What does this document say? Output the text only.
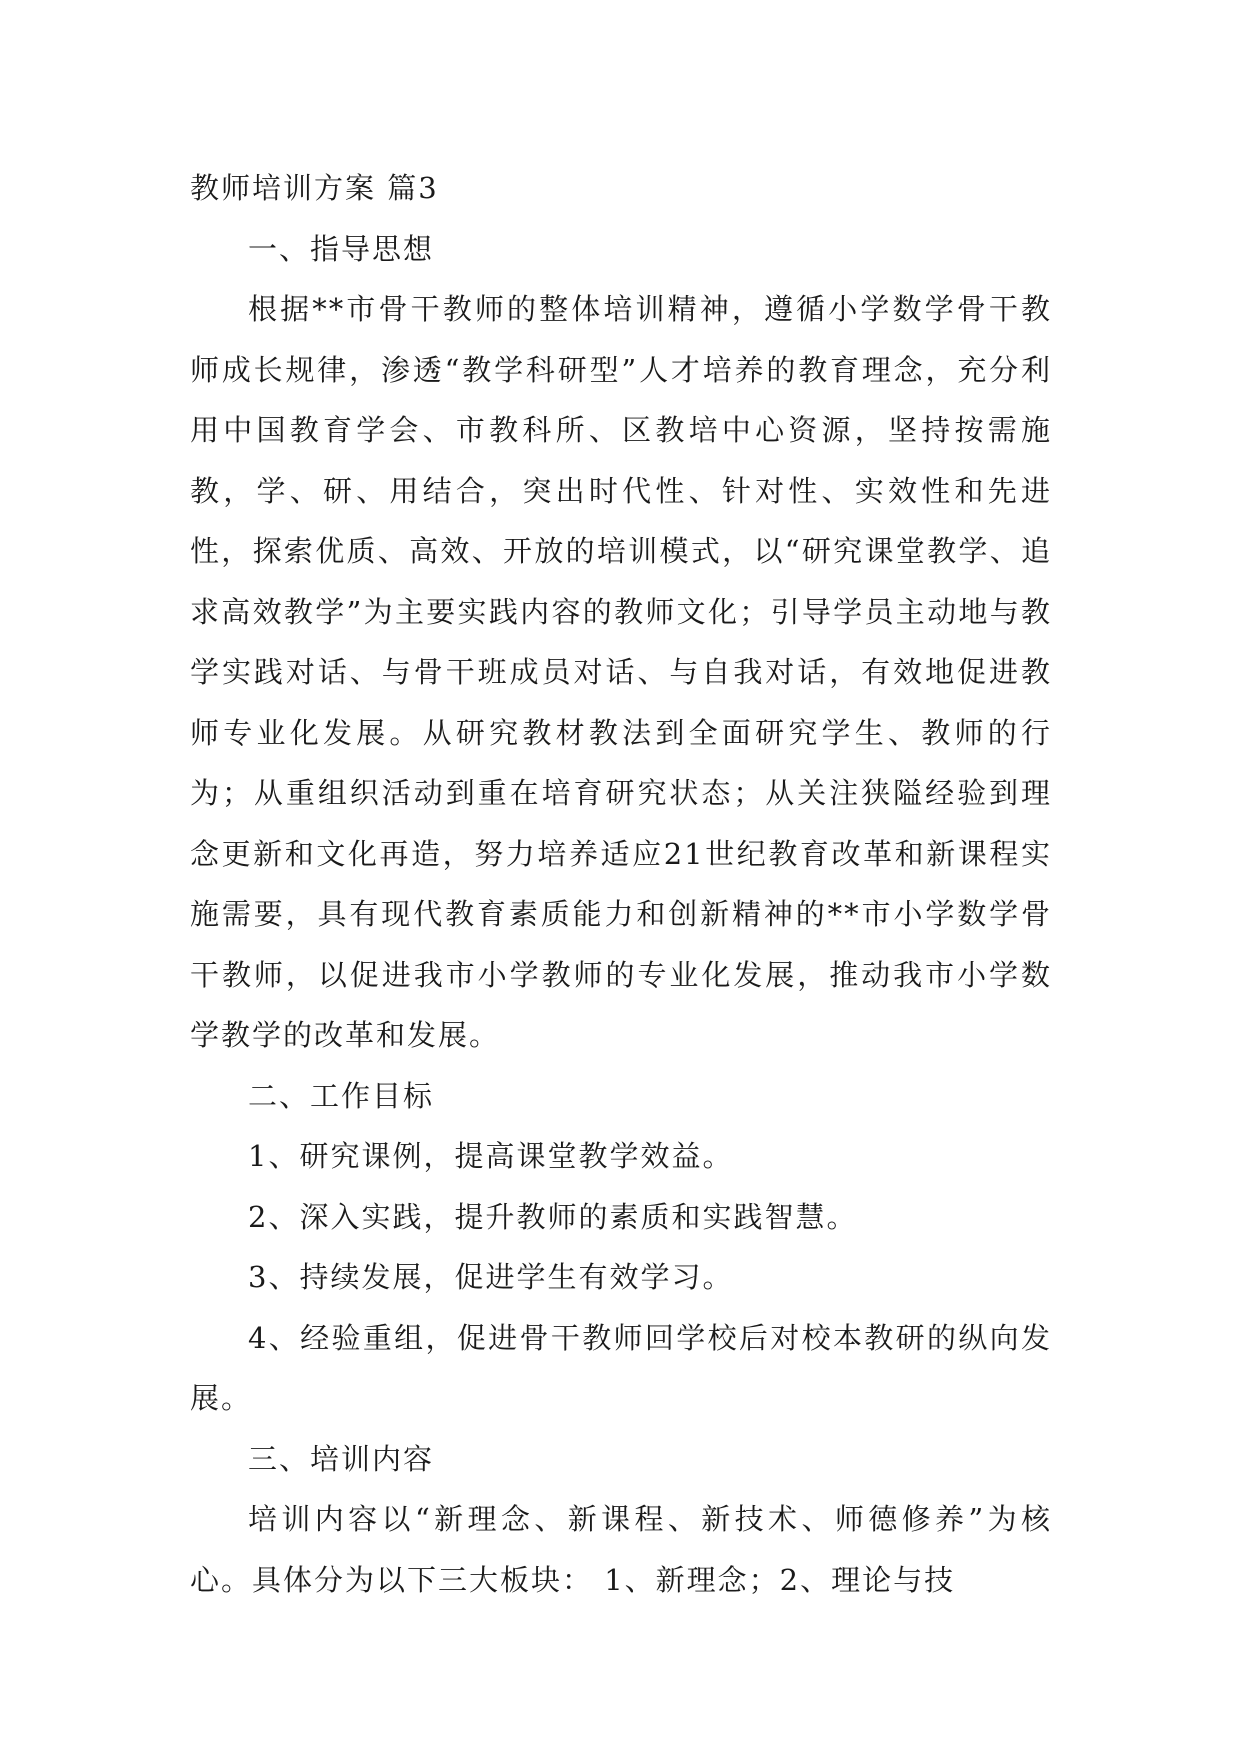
教师培训方案 篇3

一、指导思想

根据**市骨干教师的整体培训精神，遵循小学数学骨干教师成长规律，渗透“教学科研型”人才培养的教育理念，充分利用中国教育学会、市教科所、区教培中心资源，坚持按需施教，学、研、用结合，突出时代性、针对性、实效性和先进性，探索优质、高效、开放的培训模式，以“研究课堂教学、追求高效教学”为主要实践内容的教师文化；引导学员主动地与教学实践对话、与骨干班成员对话、与自我对话，有效地促进教师专业化发展。从研究教材教法到全面研究学生、教师的行为；从重组织活动到重在培育研究状态；从关注狭隘经验到理念更新和文化再造，努力培养适应21世纪教育改革和新课程实施需要，具有现代教育素质能力和创新精神的**市小学数学骨干教师，以促进我市小学教师的专业化发展，推动我市小学数学教学的改革和发展。

二、工作目标

1、研究课例，提高课堂教学效益。

2、深入实践，提升教师的素质和实践智慧。

3、持续发展，促进学生有效学习。

4、经验重组，促进骨干教师回学校后对校本教研的纵向发展。

三、培训内容

培训内容以“新理念、新课程、新技术、师德修养”为核心。具体分为以下三大板块： 1、新理念；2、理论与技
